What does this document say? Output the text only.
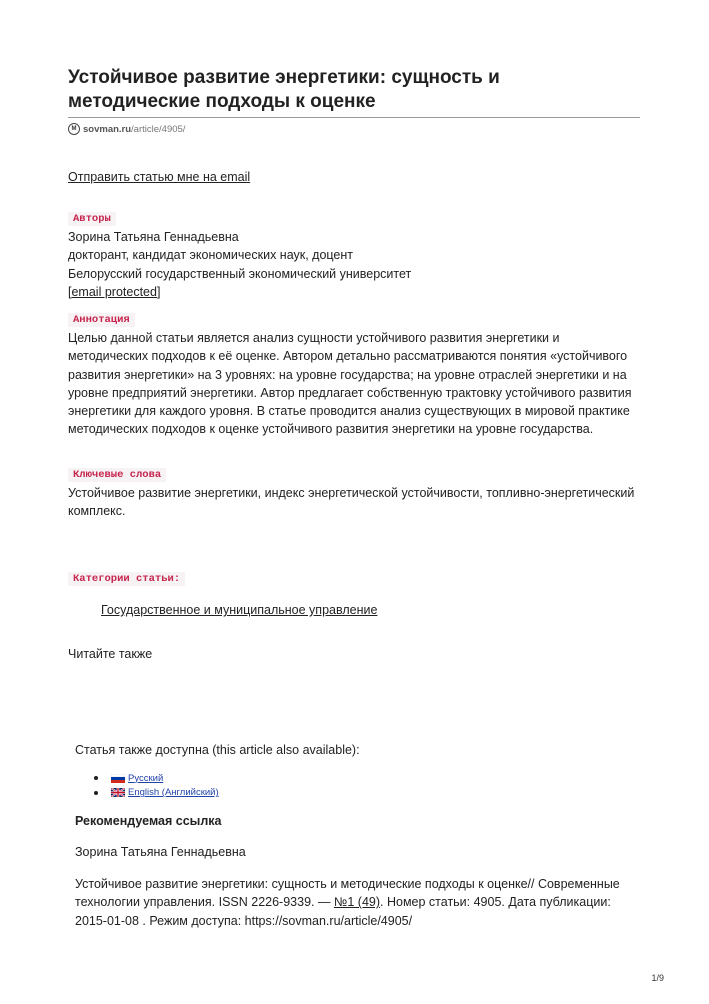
Устойчивое развитие энергетики: сущность и методические подходы к оценке
M sovman.ru /article/4905/
Отправить статью мне на email
Авторы
Зорина Татьяна Геннадьевна
докторант, кандидат экономических наук, доцент
Белорусский государственный экономический университет
[email protected]
Аннотация

Целью данной статьи является анализ сущности устойчивого развития энергетики и методических подходов к её оценке. Автором детально рассматриваются понятия «устойчивого развития энергетики» на 3 уровнях: на уровне государства; на уровне отраслей энергетики и на уровне предприятий энергетики. Автор предлагает собственную трактовку устойчивого развития энергетики для каждого уровня. В статье проводится анализ существующих в мировой практике методических подходов к оценке устойчивого развития энергетики на уровне государства.

Ключевые слова

Устойчивое развитие энергетики, индекс энергетической устойчивости, топливно-энергетический комплекс.

Категории статьи:
Государственное и муниципальное управление
Читайте также
Статья также доступна (this article also available):
Русский
English (Английский)
Рекомендуемая ссылка
Зорина Татьяна Геннадьевна

Устойчивое развитие энергетики: сущность и методические подходы к оценке// Современные технологии управления. ISSN 2226-9339. — №1 (49). Номер статьи: 4905. Дата публикации: 2015-01-08 . Режим доступа: https://sovman.ru/article/4905/

1/9
